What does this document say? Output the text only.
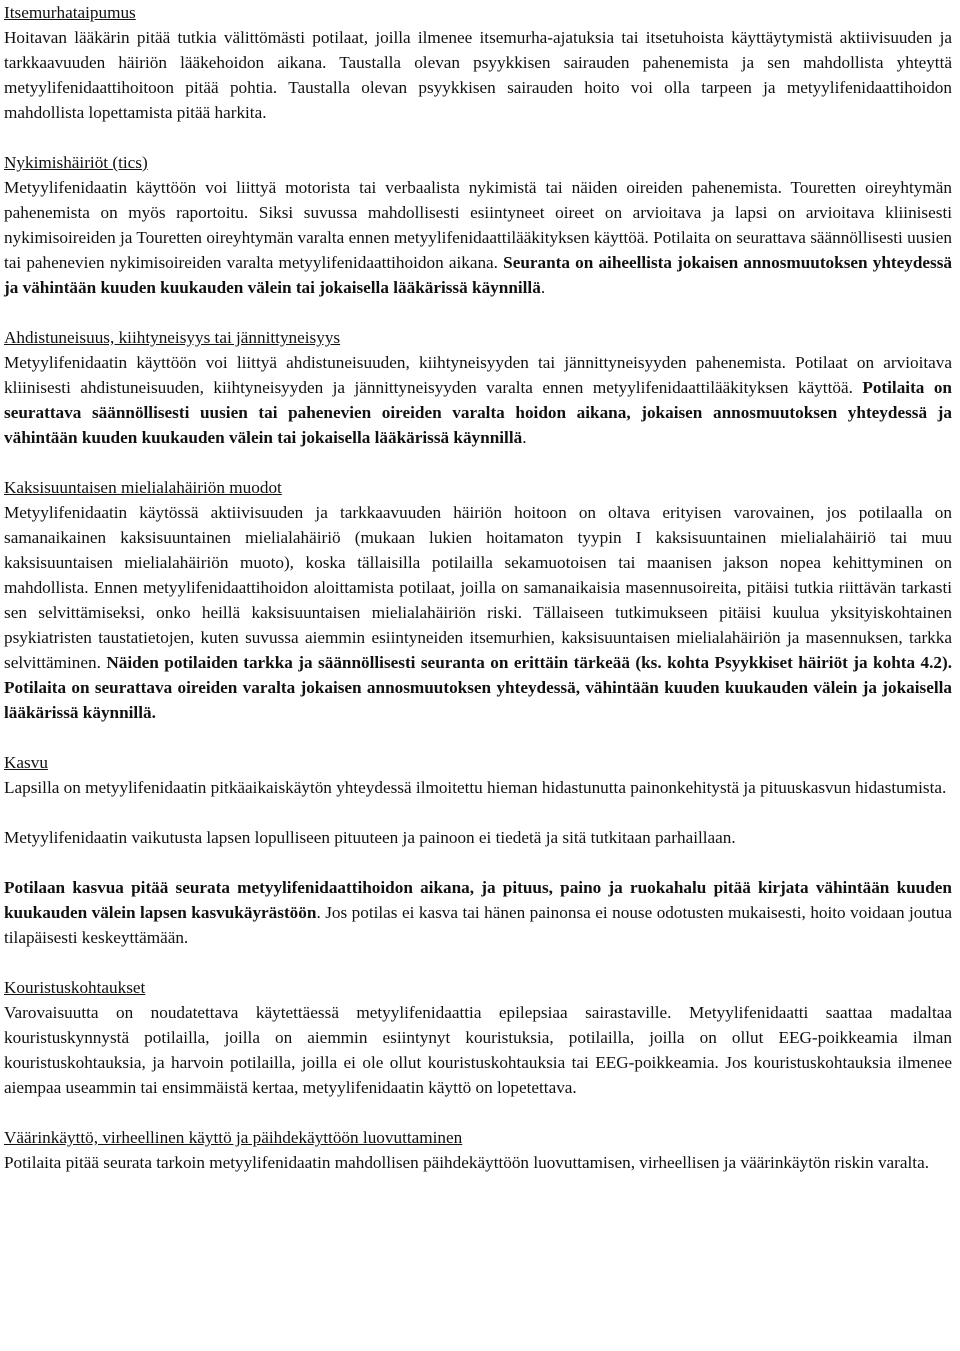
Itsemurhataipumus

Hoitavan lääkärin pitää tutkia välittömästi potilaat, joilla ilmenee itsemurha-ajatuksia tai itsetuhoista käyttäytymistä aktiivisuuden ja tarkkaavuuden häiriön lääkehoidon aikana. Taustalla olevan psyykkisen sairauden pahenemista ja sen mahdollista yhteyttä metyylifenidaattihoitoon pitää pohtia. Taustalla olevan psyykkisen sairauden hoito voi olla tarpeen ja metyylifenidaattihoidon mahdollista lopettamista pitää harkita.

Nykimishäiriöt (tics)

Metyylifenidaatin käyttöön voi liittyä motorista tai verbaalista nykimistä tai näiden oireiden pahenemista. Touretten oireyhtymän pahenemista on myös raportoitu. Siksi suvussa mahdollisesti esiintyneet oireet on arvioitava ja lapsi on arvioitava kliinisesti nykimisoireiden ja Touretten oireyhtymän varalta ennen metyylifenidaattilääkityksen käyttöä. Potilaita on seurattava säännöllisesti uusien tai pahenevien nykimisoireiden varalta metyylifenidaattihoidon aikana. Seuranta on aiheellista jokaisen annosmuutoksen yhteydessä ja vähintään kuuden kuukauden välein tai jokaisella lääkärissä käynnillä.

Ahdistuneisuus, kiihtyneisyys tai jännittyneisyys

Metyylifenidaatin käyttöön voi liittyä ahdistuneisuuden, kiihtyneisyyden tai jännittyneisyyden pahenemista. Potilaat on arvioitava kliinisesti ahdistuneisuuden, kiihtyneisyyden ja jännittyneisyyden varalta ennen metyylifenidaattilääkityksen käyttöä. Potilaita on seurattava säännöllisesti uusien tai pahenevien oireiden varalta hoidon aikana, jokaisen annosmuutoksen yhteydessä ja vähintään kuuden kuukauden välein tai jokaisella lääkärissä käynnillä.

Kaksisuuntaisen mielialahäiriön muodot

Metyylifenidaatin käytössä aktiivisuuden ja tarkkaavuuden häiriön hoitoon on oltava erityisen varovainen, jos potilaalla on samanaikainen kaksisuuntainen mielialahäiriö (mukaan lukien hoitamaton tyypin I kaksisuuntainen mielialahäiriö tai muu kaksisuuntaisen mielialahäiriön muoto), koska tällaisilla potilailla sekamuotoisen tai maanisen jakson nopea kehittyminen on mahdollista. Ennen metyylifenidaattihoidon aloittamista potilaat, joilla on samanaikaisia masennusoireita, pitäisi tutkia riittävän tarkasti sen selvittämiseksi, onko heillä kaksisuuntaisen mielialahäiriön riski. Tällaiseen tutkimukseen pitäisi kuulua yksityiskohtainen psykiatristen taustatietojen, kuten suvussa aiemmin esiintyneiden itsemurhien, kaksisuuntaisen mielialahäiriön ja masennuksen, tarkka selvittäminen. Näiden potilaiden tarkka ja säännöllisesti seuranta on erittäin tärkeää (ks. kohta Psyykkiset häiriöt ja kohta 4.2). Potilaita on seurattava oireiden varalta jokaisen annosmuutoksen yhteydessä, vähintään kuuden kuukauden välein ja jokaisella lääkärissä käynnillä.

Kasvu

Lapsilla on metyylifenidaatin pitkäaikaiskäytön yhteydessä ilmoitettu hieman hidastunutta painonkehitystä ja pituuskasvun hidastumista.

Metyylifenidaatin vaikutusta lapsen lopulliseen pituuteen ja painoon ei tiedetä ja sitä tutkitaan parhaillaan.

Potilaan kasvua pitää seurata metyylifenidaattihoidon aikana, ja pituus, paino ja ruokahalu pitää kirjata vähintään kuuden kuukauden välein lapsen kasvukäyrästöön. Jos potilas ei kasva tai hänen painonsa ei nouse odotusten mukaisesti, hoito voidaan joutua tilapäisesti keskeyttämään.

Kouristuskohtaukset

Varovaisuutta on noudatettava käytettäessä metyylifenidaattia epilepsiaa sairastaville. Metyylifenidaatti saattaa madaltaa kouristuskynnystä potilailla, joilla on aiemmin esiintynyt kouristuksia, potilailla, joilla on ollut EEG-poikkeamia ilman kouristuskohtauksia, ja harvoin potilailla, joilla ei ole ollut kouristuskohtauksia tai EEG-poikkeamia. Jos kouristuskohtauksia ilmenee aiempaa useammin tai ensimmäistä kertaa, metyylifenidaatin käyttö on lopetettava.

Väärinkäyttö, virheellinen käyttö ja päihdekäyttöön luovuttaminen

Potilaita pitää seurata tarkoin metyylifenidaatin mahdollisen päihdekäyttöön luovuttamisen, virheellisen ja väärinkäytön riskin varalta.
